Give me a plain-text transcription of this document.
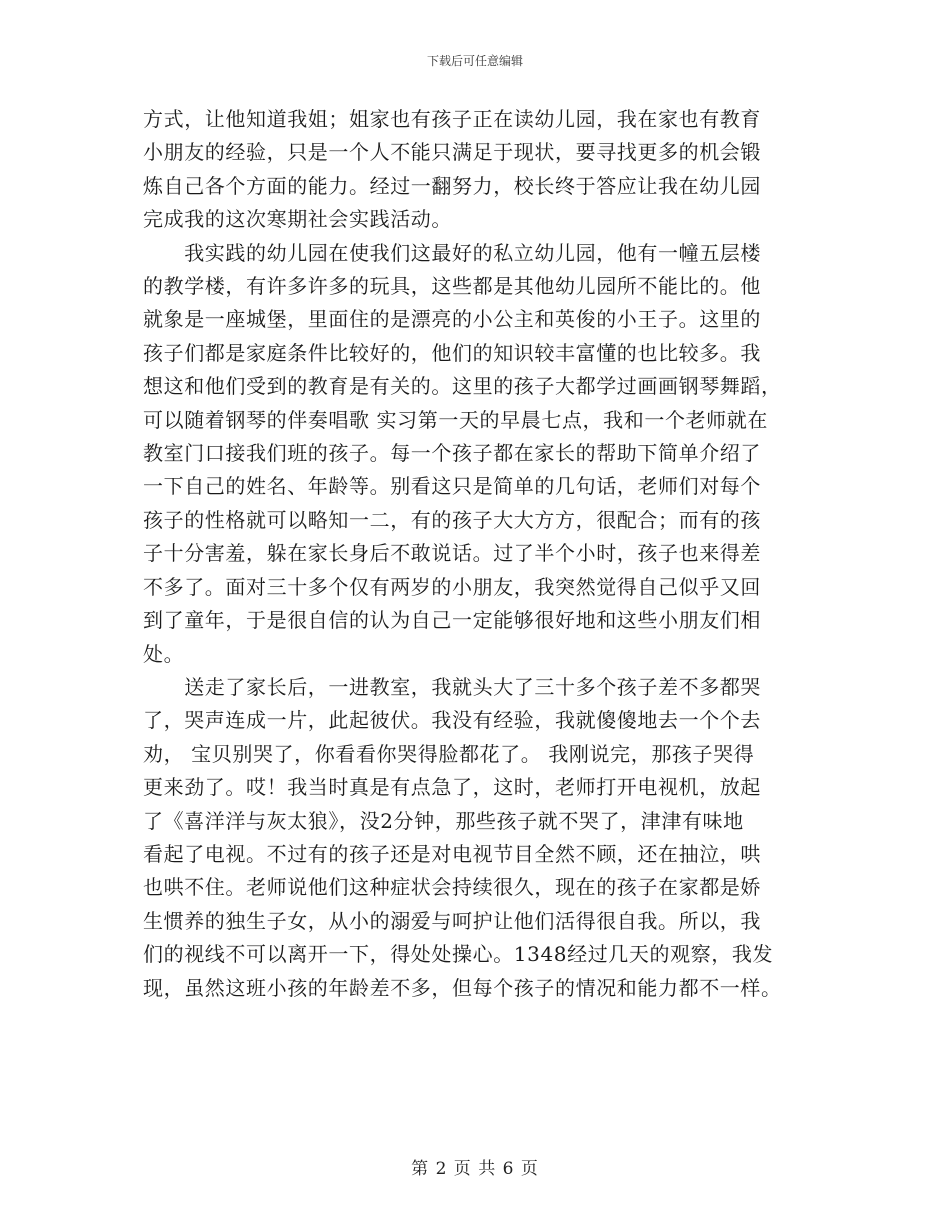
下载后可任意编辑
方式，让他知道我姐；姐家也有孩子正在读幼儿园，我在家也有教育
小朋友的经验，只是一个人不能只满足于现状，要寻找更多的机会锻
炼自己各个方面的能力。经过一翻努力，校长终于答应让我在幼儿园
完成我的这次寒期社会实践活动。
　　我实践的幼儿园在使我们这最好的私立幼儿园，他有一幢五层楼
的教学楼，有许多许多的玩具，这些都是其他幼儿园所不能比的。他
就象是一座城堡，里面住的是漂亮的小公主和英俊的小王子。这里的
孩子们都是家庭条件比较好的，他们的知识较丰富懂的也比较多。我
想这和他们受到的教育是有关的。这里的孩子大都学过画画钢琴舞蹈，
可以随着钢琴的伴奏唱歌 实习第一天的早晨七点，我和一个老师就在
教室门口接我们班的孩子。每一个孩子都在家长的帮助下简单介绍了
一下自己的姓名、年龄等。别看这只是简单的几句话，老师们对每个
孩子的性格就可以略知一二，有的孩子大大方方，很配合；而有的孩
子十分害羞，躲在家长身后不敢说话。过了半个小时，孩子也来得差
不多了。面对三十多个仅有两岁的小朋友，我突然觉得自己似乎又回
到了童年，于是很自信的认为自己一定能够很好地和这些小朋友们相
处。
　　送走了家长后，一进教室，我就头大了三十多个孩子差不多都哭
了，哭声连成一片，此起彼伏。我没有经验，我就傻傻地去一个个去
劝， 宝贝别哭了，你看看你哭得脸都花了。 我刚说完，那孩子哭得
更来劲了。哎！我当时真是有点急了，这时，老师打开电视机，放起
了《喜洋洋与灰太狼》，没2分钟，那些孩子就不哭了，津津有味地
看起了电视。不过有的孩子还是对电视节目全然不顾，还在抽泣，哄
也哄不住。老师说他们这种症状会持续很久，现在的孩子在家都是娇
生惯养的独生子女，从小的溺爱与呵护让他们活得很自我。所以，我
们的视线不可以离开一下，得处处操心。1348经过几天的观察，我发
现，虽然这班小孩的年龄差不多，但每个孩子的情况和能力都不一样。
第 2 页 共 6 页
